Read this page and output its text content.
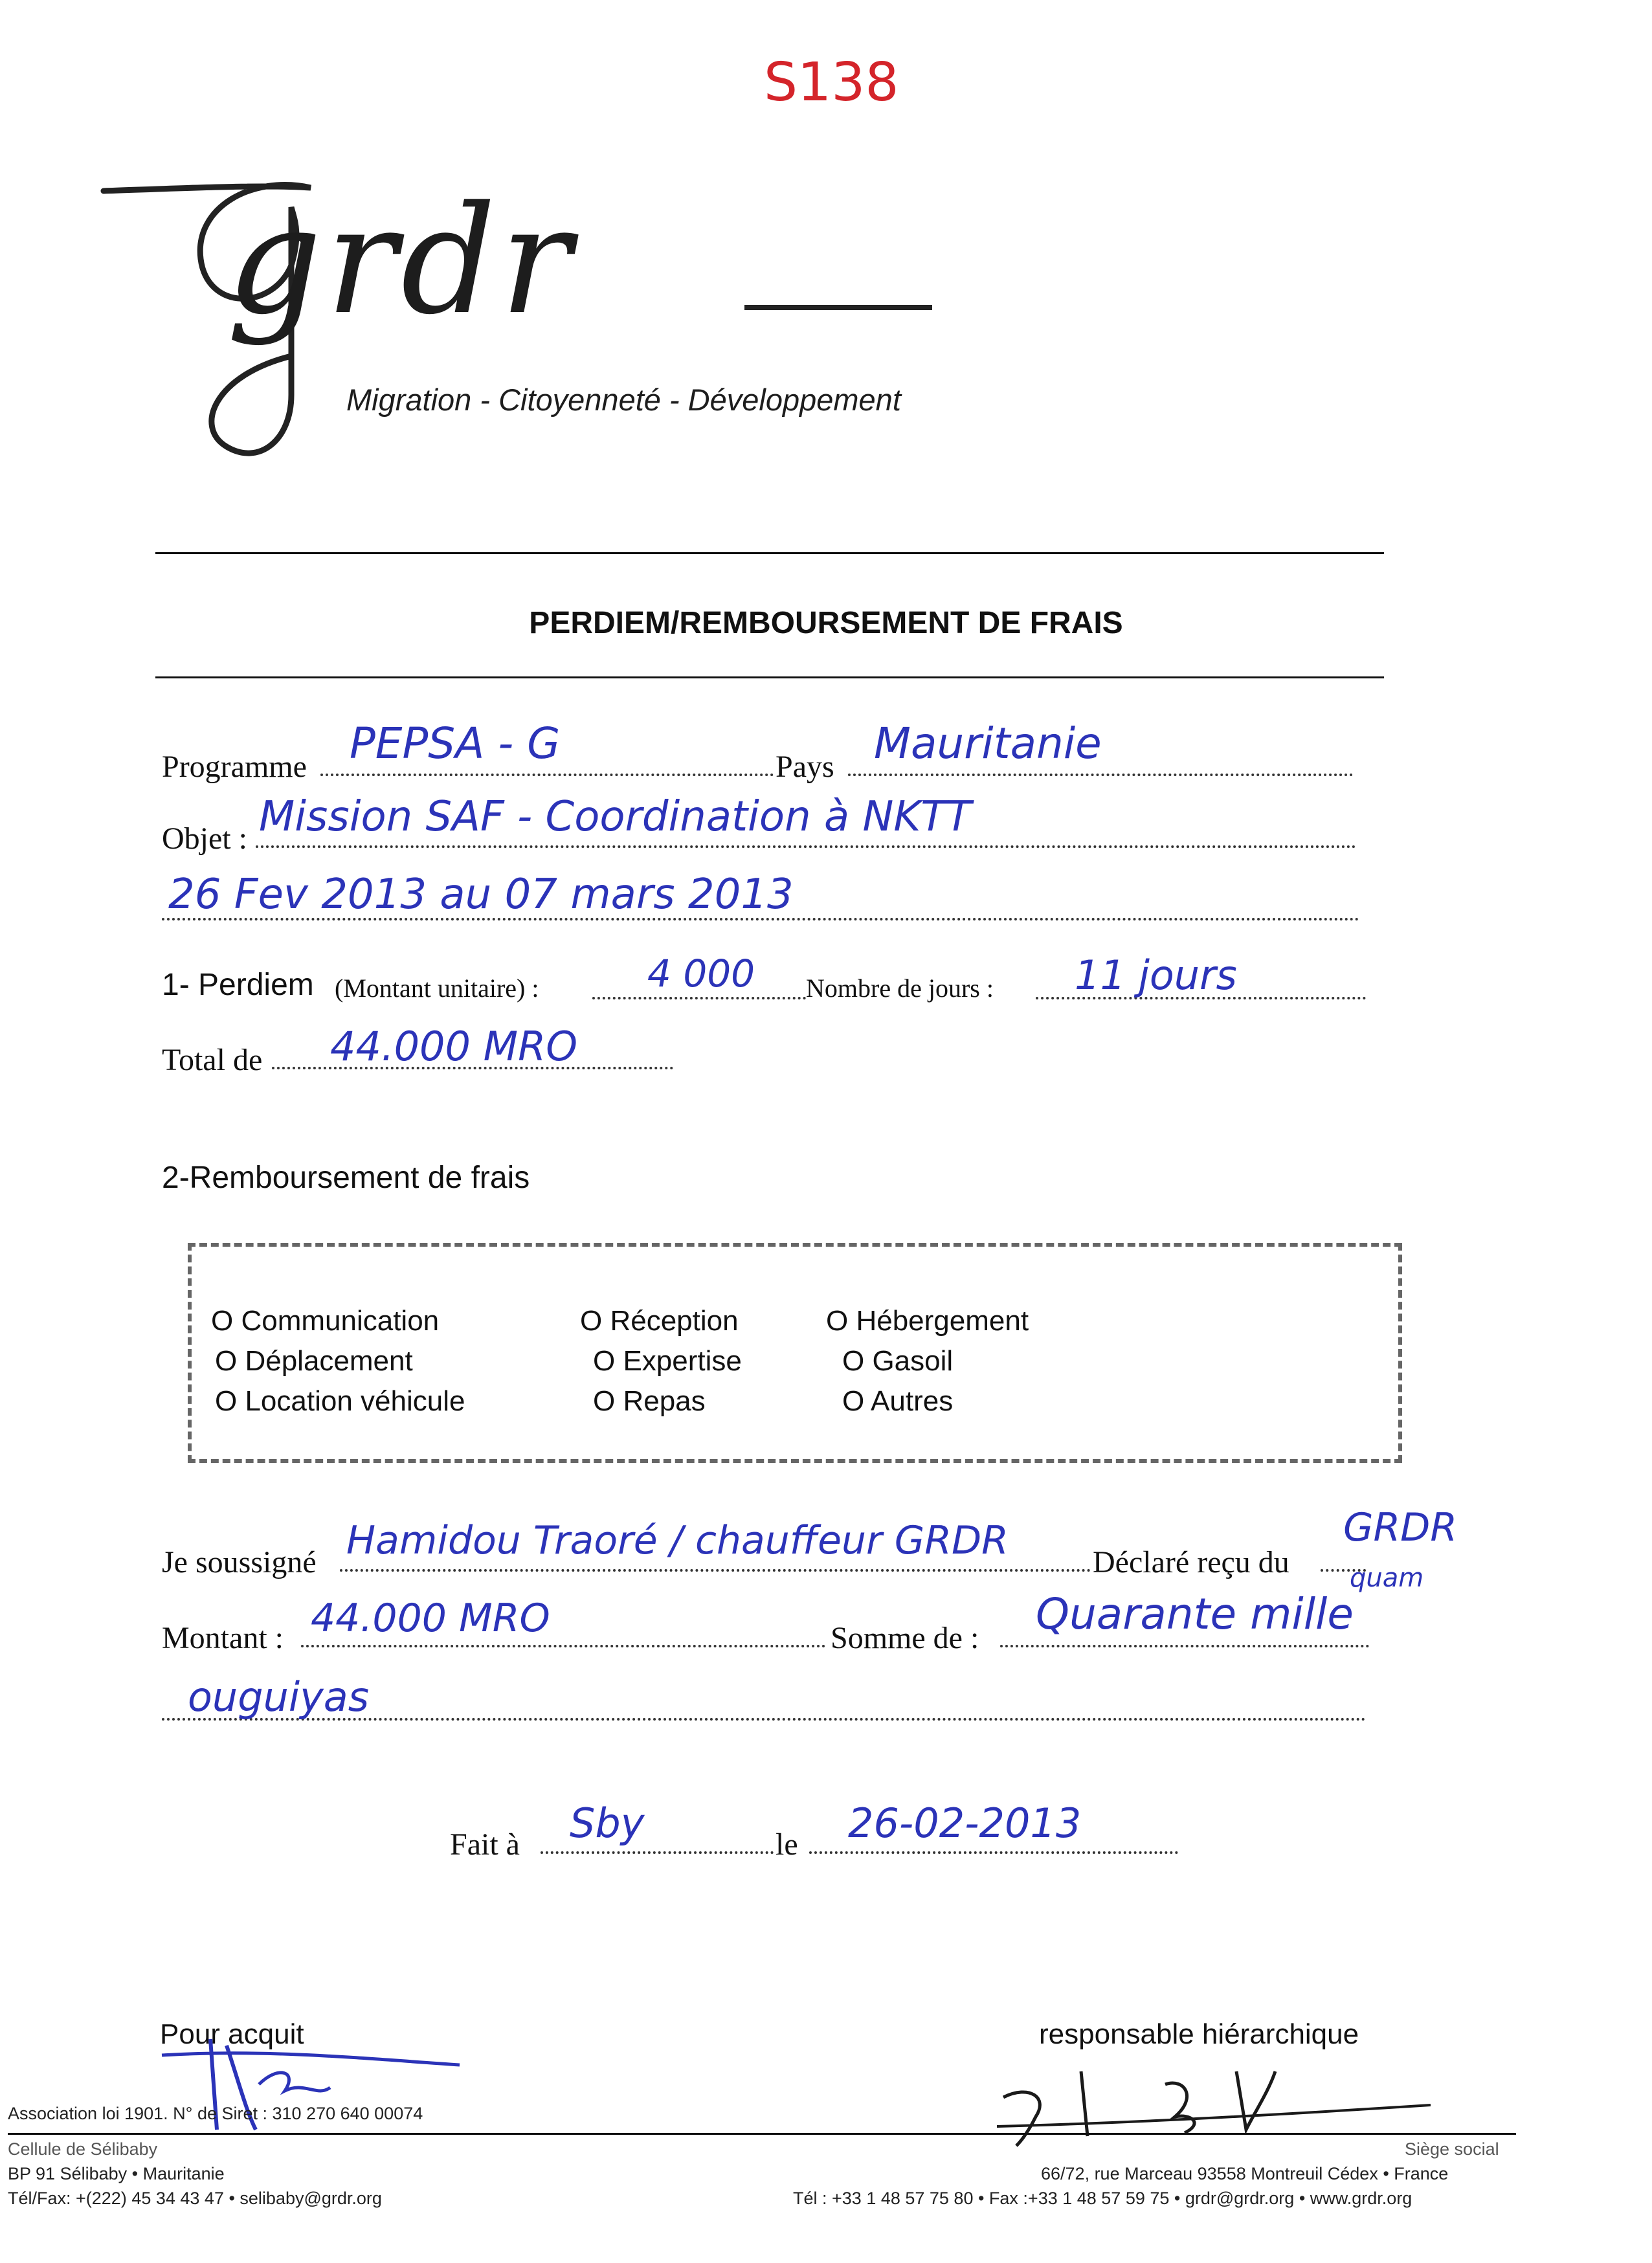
S138
grdr
Migration - Citoyenneté - Développement
PERDIEM/REMBOURSEMENT DE FRAIS
Programme PEPSA - G	Pays Mauritanie
Objet : Mission SAF - Coordination à NKTT
26 Fev 2013 au 07 mars 2013
1- Perdiem (Montant unitaire) :	4 000 Nombre de jours : 11 jours
Total de 44.000 MRO
2-Remboursement de frais
O Communication	O Réception	O Hébergement
O Déplacement	O Expertise	O Gasoil
O Location véhicule	O Repas	O Autres
Je soussigné Hamidou Traoré / chauffeur GRDR	Déclaré reçu du
GRDR
quam
Montant : 44.000 MRO	Somme de : Quarante mille
ouguiyas
Fait à Sby	le 26-02-2013
Pour acquit	responsable hiérarchique
Association loi 1901. N° de Siret : 310 270 640 00074
Cellule de Sélibaby
BP 91 Sélibaby • Mauritanie
Tél/Fax: +(222) 45 34 43 47 • selibaby@grdr.org
Siège social
66/72, rue Marceau 93558 Montreuil Cédex • France
Tél : +33 1 48 57 75 80 • Fax :+33 1 48 57 59 75 • grdr@grdr.org • www.grdr.org
